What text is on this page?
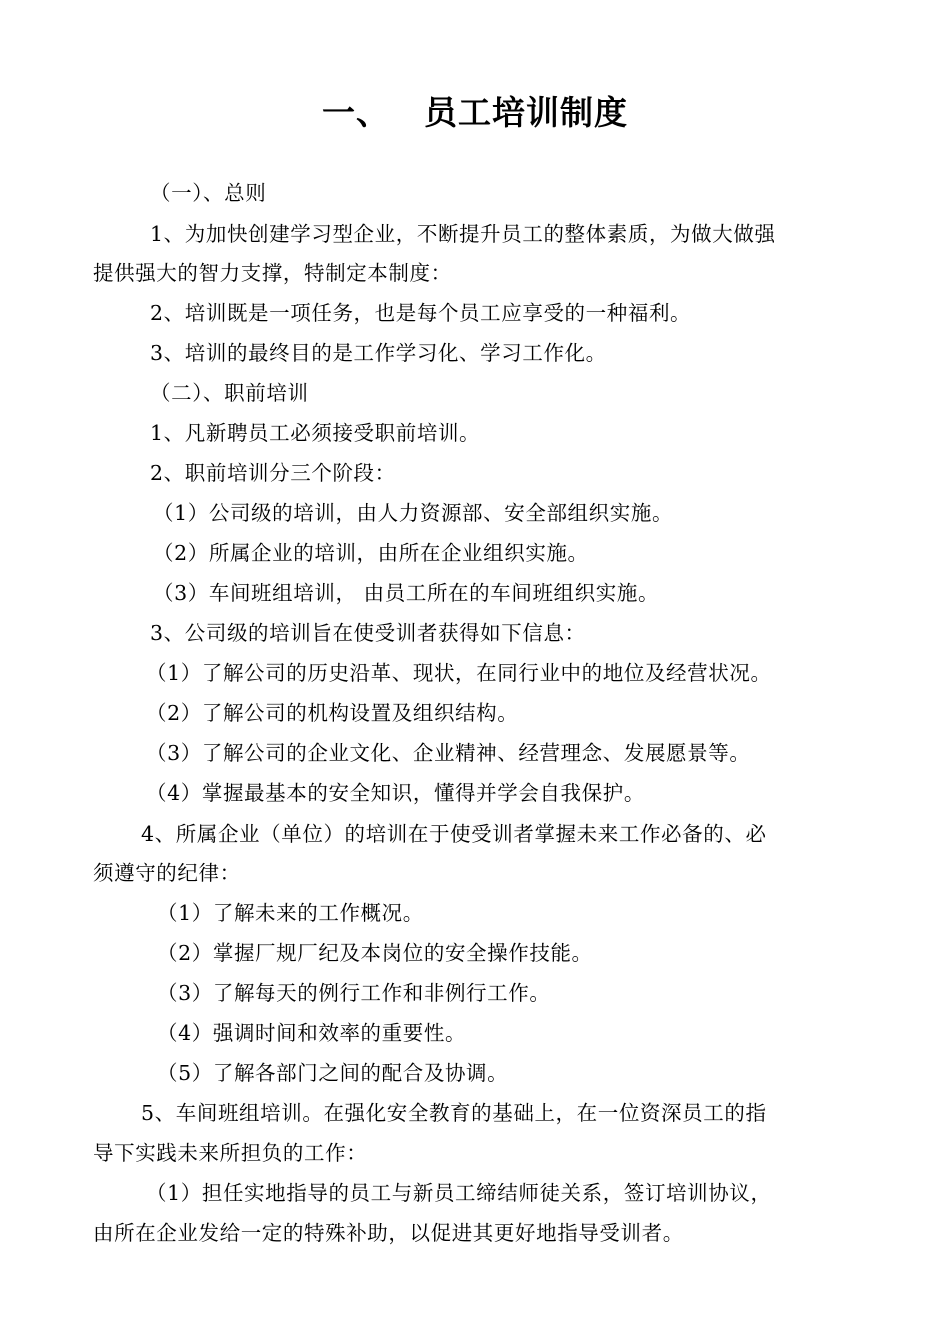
一、 员工培训制度
（一）、总则
1、为加快创建学习型企业，不断提升员工的整体素质，为做大做强
提供强大的智力支撑，特制定本制度：
2、培训既是一项任务，也是每个员工应享受的一种福利。
3、培训的最终目的是工作学习化、学习工作化。
（二）、职前培训
1、凡新聘员工必须接受职前培训。
2、职前培训分三个阶段：
（1）公司级的培训，由人力资源部、安全部组织实施。
（2）所属企业的培训，由所在企业组织实施。
（3）车间班组培训， 由员工所在的车间班组织实施。
3、公司级的培训旨在使受训者获得如下信息：
（1）了解公司的历史沿革、现状，在同行业中的地位及经营状况。
（2）了解公司的机构设置及组织结构。
（3）了解公司的企业文化、企业精神、经营理念、发展愿景等。
（4）掌握最基本的安全知识，懂得并学会自我保护。
4、所属企业（单位）的培训在于使受训者掌握未来工作必备的、必
须遵守的纪律：
（1）了解未来的工作概况。
（2）掌握厂规厂纪及本岗位的安全操作技能。
（3）了解每天的例行工作和非例行工作。
（4）强调时间和效率的重要性。
（5）了解各部门之间的配合及协调。
5、车间班组培训。在强化安全教育的基础上，在一位资深员工的指
导下实践未来所担负的工作：
（1）担任实地指导的员工与新员工缔结师徒关系，签订培训协议，
由所在企业发给一定的特殊补助，以促进其更好地指导受训者。
